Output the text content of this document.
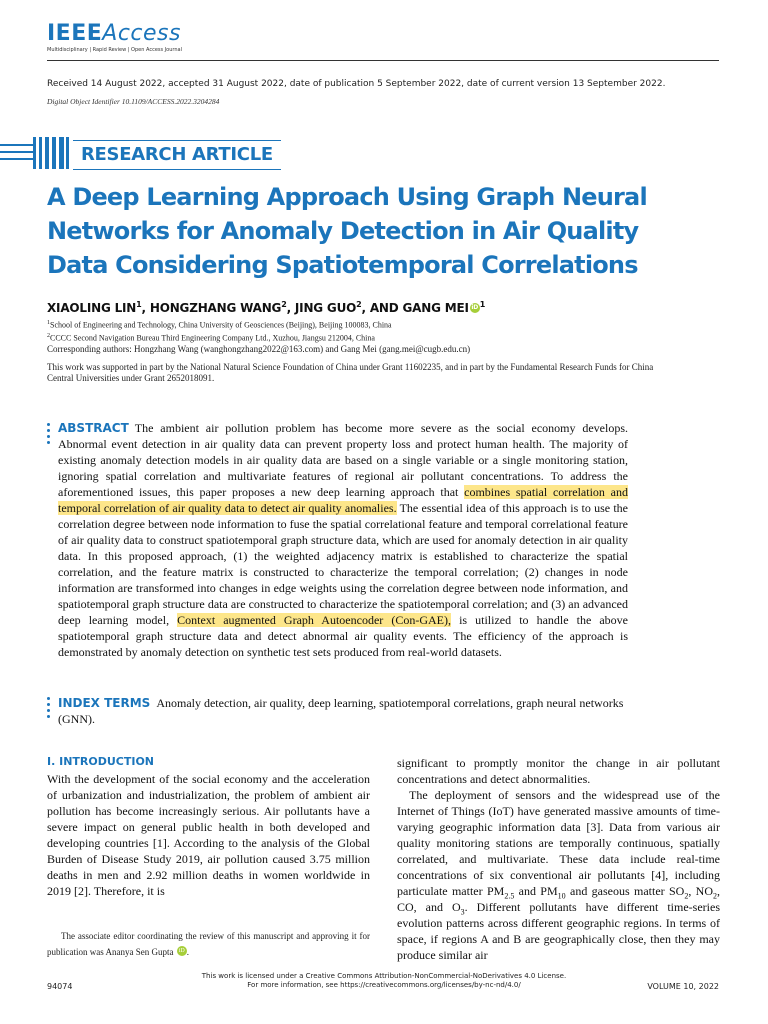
IEEEAccess
Multidisciplinary | Rapid Review | Open Access Journal
Received 14 August 2022, accepted 31 August 2022, date of publication 5 September 2022, date of current version 13 September 2022.
Digital Object Identifier 10.1109/ACCESS.2022.3204284
RESEARCH ARTICLE
A Deep Learning Approach Using Graph Neural Networks for Anomaly Detection in Air Quality Data Considering Spatiotemporal Correlations
XIAOLING LIN$^1$, HONGZHANG WANG$^2$, JING GUO$^2$, AND GANG MEI iD $^1$
$^1$School of Engineering and Technology, China University of Geosciences (Beijing), Beijing 100083, China
$^2$CCCC Second Navigation Bureau Third Engineering Company Ltd., Xuzhou, Jiangsu 212004, China
Corresponding authors: Hongzhang Wang (wanghongzhang2022@163.com) and Gang Mei (gang.mei@cugb.edu.cn)
This work was supported in part by the National Natural Science Foundation of China under Grant 11602235, and in part by the Fundamental Research Funds for China Central Universities under Grant 2652018091.
ABSTRACT The ambient air pollution problem has become more severe as the social economy develops. Abnormal event detection in air quality data can prevent property loss and protect human health. The majority of existing anomaly detection models in air quality data are based on a single variable or a single monitoring station, ignoring spatial correlation and multivariate features of regional air pollutant concentrations. To address the aforementioned issues, this paper proposes a new deep learning approach that combines spatial correlation and temporal correlation of air quality data to detect air quality anomalies. The essential idea of this approach is to use the correlation degree between node information to fuse the spatial correlational feature and temporal correlational feature of air quality data to construct spatiotemporal graph structure data, which are used for anomaly detection in air quality data. In this proposed approach, (1) the weighted adjacency matrix is established to characterize the spatial correlation, and the feature matrix is constructed to characterize the temporal correlation; (2) changes in node information are transformed into changes in edge weights using the correlation degree between node information, and spatiotemporal graph structure data are constructed to characterize the spatiotemporal correlation; and (3) an advanced deep learning model, Context augmented Graph Autoencoder (Con-GAE), is utilized to handle the above spatiotemporal graph structure data and detect abnormal air quality events. The efficiency of the approach is demonstrated by anomaly detection on synthetic test sets produced from real-world datasets.
INDEX TERMS Anomaly detection, air quality, deep learning, spatiotemporal correlations, graph neural networks (GNN).
I. INTRODUCTION

With the development of the social economy and the acceleration of urbanization and industrialization, the problem of ambient air pollution has become increasingly serious. Air pollutants have a severe impact on general public health in both developed and developing countries [1]. According to the analysis of the Global Burden of Disease Study 2019, air pollution caused 3.75 million deaths in men and 2.92 million deaths in women worldwide in 2019 [2]. Therefore, it is

significant to promptly monitor the change in air pollutant concentrations and detect abnormalities.

The deployment of sensors and the widespread use of the Internet of Things (IoT) have generated massive amounts of time-varying geographic information data [3]. Data from various air quality monitoring stations are temporally continuous, spatially correlated, and multivariate. These data include real-time concentrations of six conventional air pollutants [4], including particulate matter $PM_{2.5}$ and $PM_{10}$ and gaseous matter $SO_2$, $NO_2$, CO, and $O_3$. Different pollutants have different time-series evolution patterns across different geographic regions. In terms of space, if regions A and B are geographically close, then they may produce similar air

The associate editor coordinating the review of this manuscript and approving it for publication was Ananya Sen Gupta iD .
This work is licensed under a Creative Commons Attribution-NonCommercial-NoDerivatives 4.0 License.
For more information, see https://creativecommons.org/licenses/by-nc-nd/4.0/
94074	VOLUME 10, 2022
